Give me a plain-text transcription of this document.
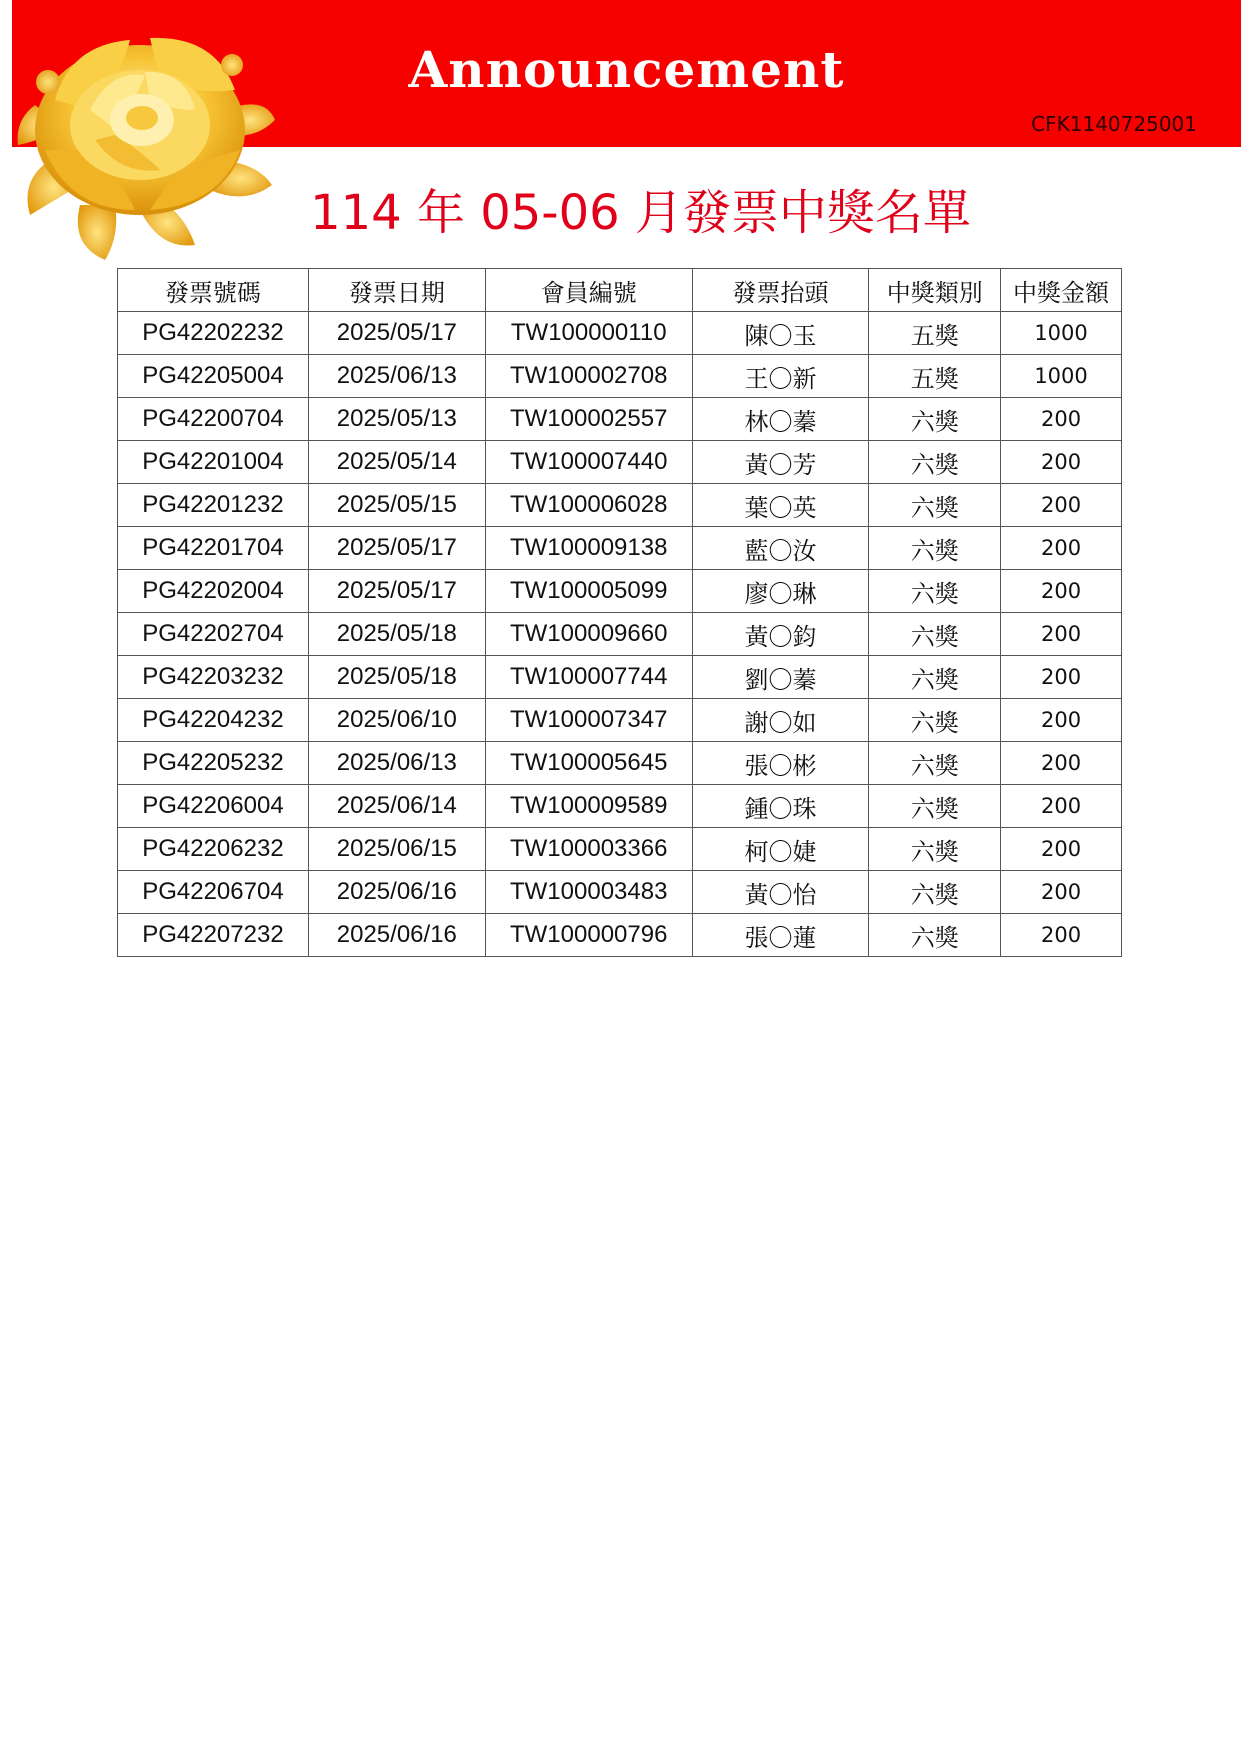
Announcement
CFK1140725001
114 年 05-06 月發票中獎名單
發票號碼	發票日期	會員編號	發票抬頭	中獎類別	中獎金額
PG42202232	2025/05/17	TW100000110	陳〇玉	五獎	1000
PG42205004	2025/06/13	TW100002708	王〇新	五獎	1000
PG42200704	2025/05/13	TW100002557	林〇蓁	六獎	200
PG42201004	2025/05/14	TW100007440	黃〇芳	六獎	200
PG42201232	2025/05/15	TW100006028	葉〇英	六獎	200
PG42201704	2025/05/17	TW100009138	藍〇汝	六獎	200
PG42202004	2025/05/17	TW100005099	廖〇琳	六獎	200
PG42202704	2025/05/18	TW100009660	黃〇鈞	六獎	200
PG42203232	2025/05/18	TW100007744	劉〇蓁	六獎	200
PG42204232	2025/06/10	TW100007347	謝〇如	六獎	200
PG42205232	2025/06/13	TW100005645	張〇彬	六獎	200
PG42206004	2025/06/14	TW100009589	鍾〇珠	六獎	200
PG42206232	2025/06/15	TW100003366	柯〇婕	六獎	200
PG42206704	2025/06/16	TW100003483	黃〇怡	六獎	200
PG42207232	2025/06/16	TW100000796	張〇蓮	六獎	200
